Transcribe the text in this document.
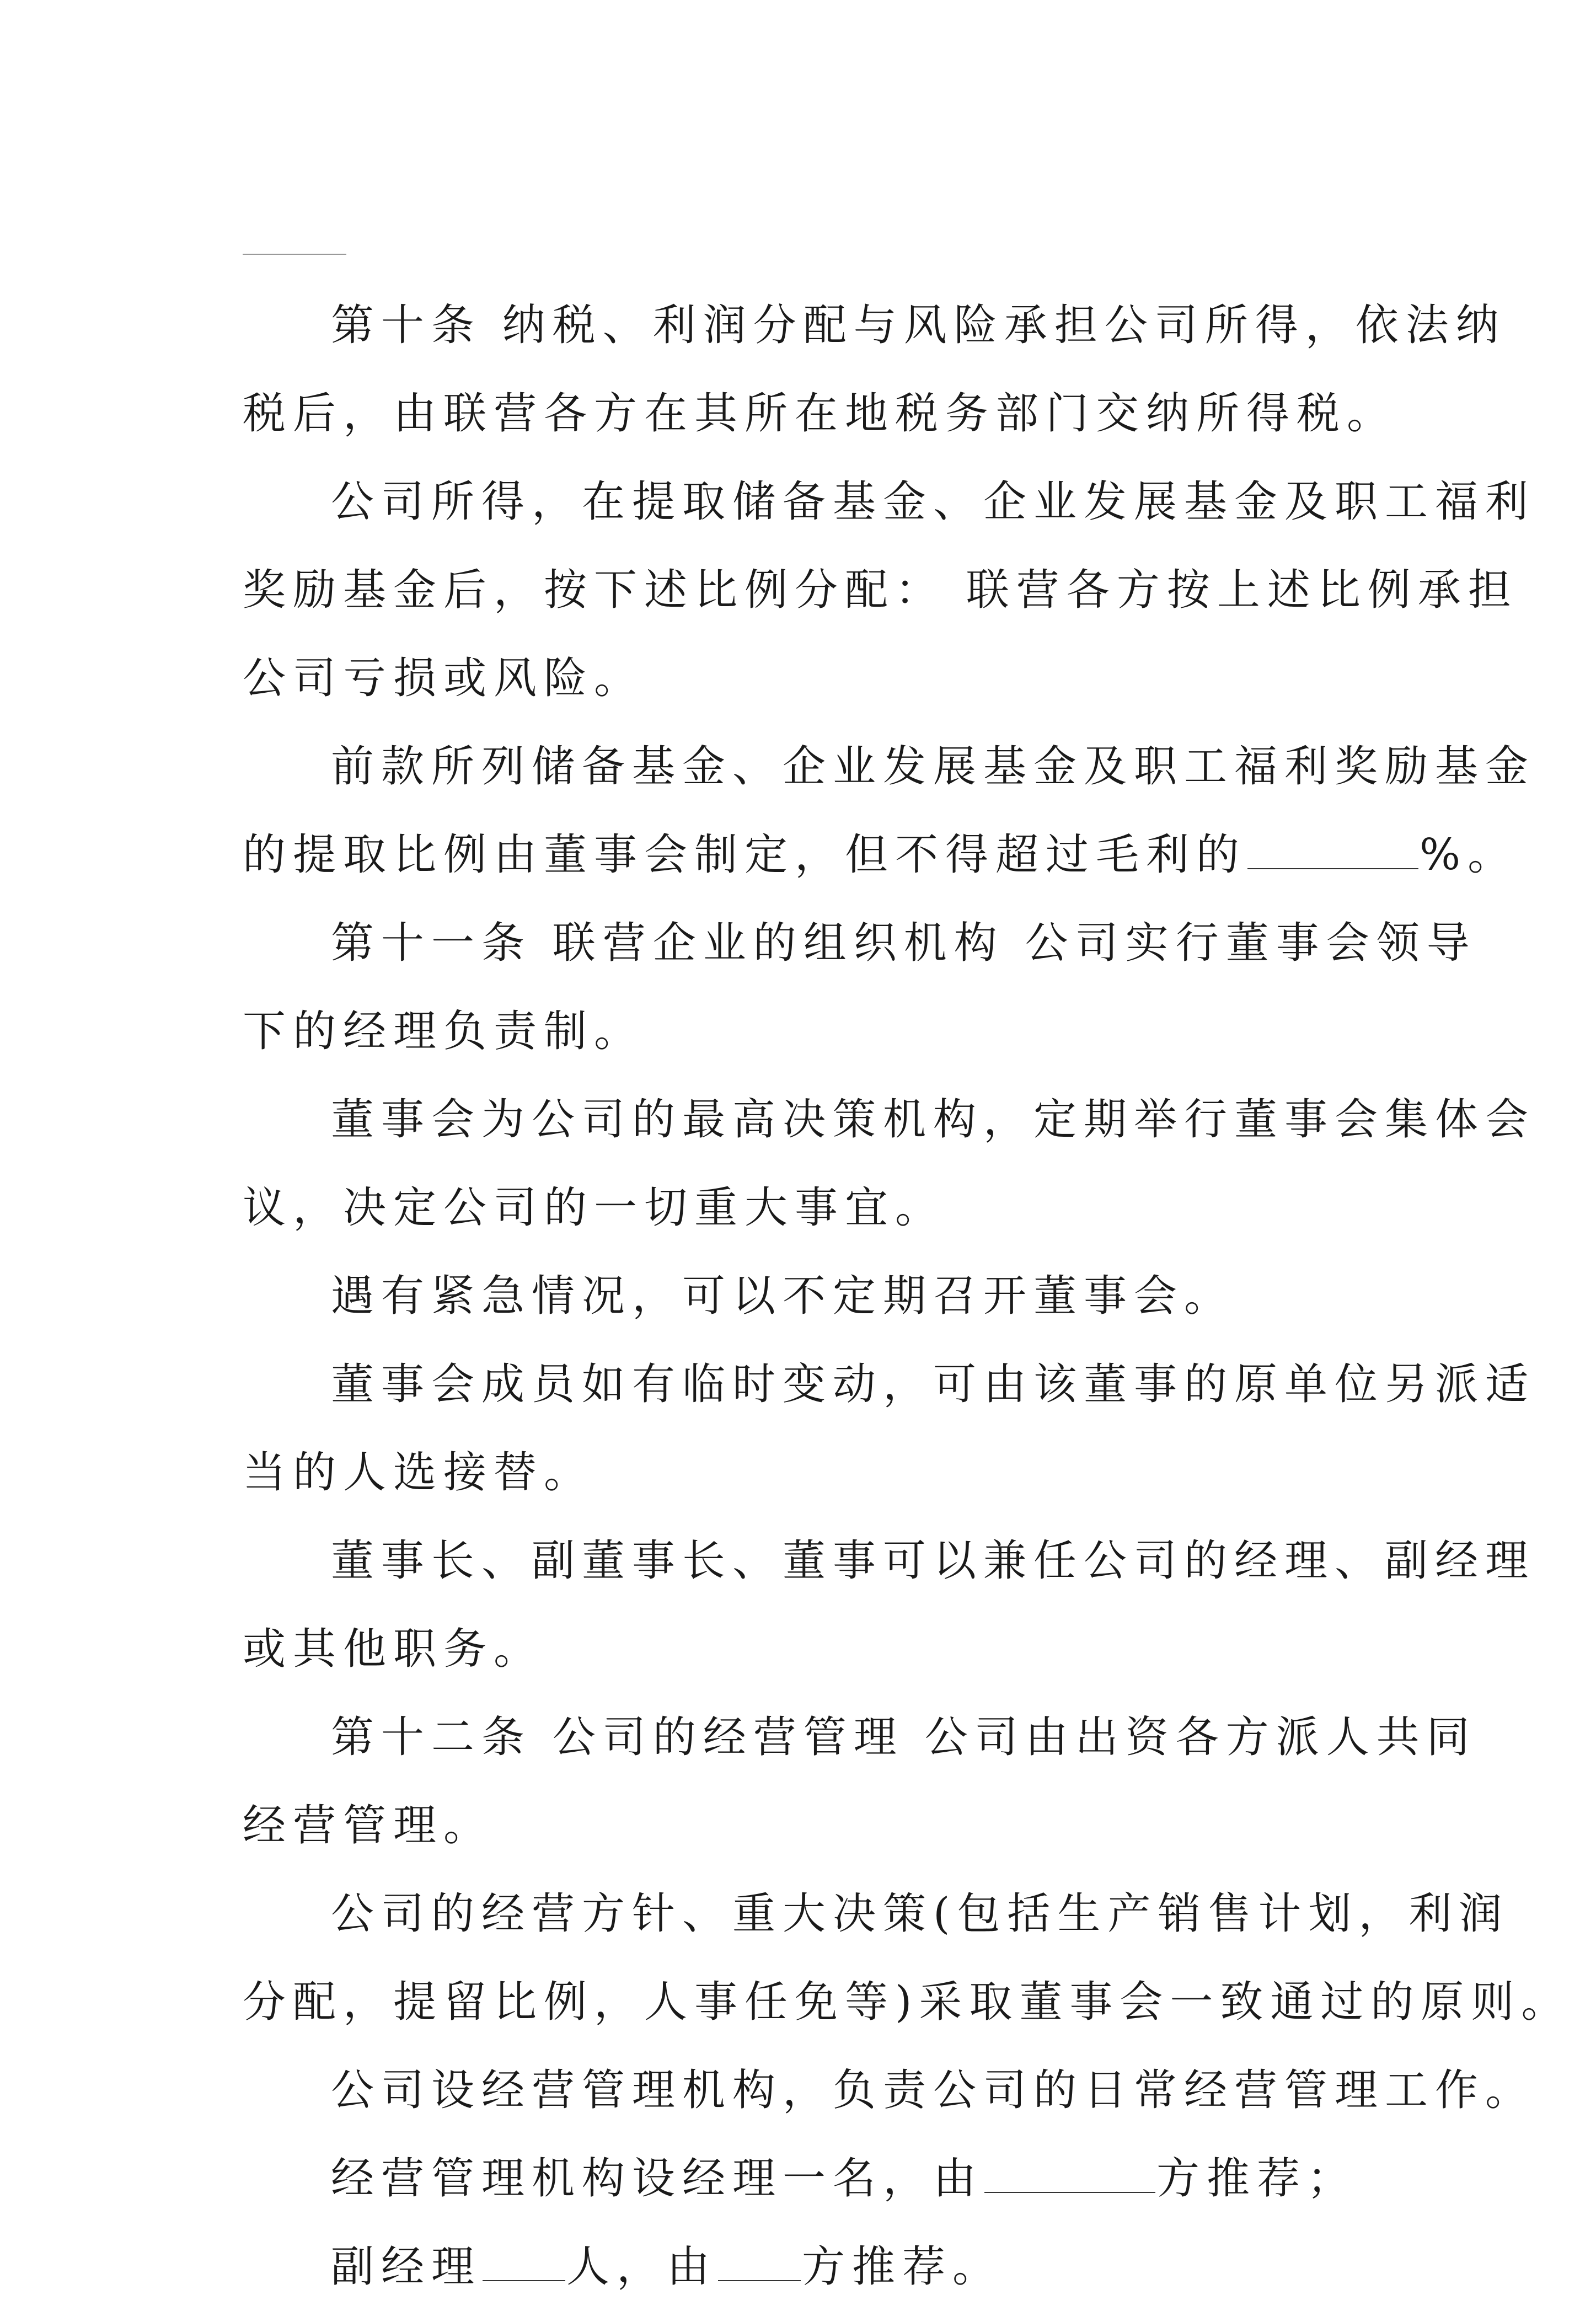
第十条 纳税、利润分配与风险承担公司所得，依法纳
税后，由联营各方在其所在地税务部门交纳所得税。

公司所得，在提取储备基金、企业发展基金及职工福利
奖励基金后，按下述比例分配： 联营各方按上述比例承担
公司亏损或风险。

前款所列储备基金、企业发展基金及职工福利奖励基金
的提取比例由董事会制定，但不得超过毛利的	%。

第十一条 联营企业的组织机构 公司实行董事会领导
下的经理负责制。

董事会为公司的最高决策机构，定期举行董事会集体会
议，决定公司的一切重大事宜。

遇有紧急情况，可以不定期召开董事会。

董事会成员如有临时变动，可由该董事的原单位另派适
当的人选接替。

董事长、副董事长、董事可以兼任公司的经理、副经理
或其他职务。

第十二条 公司的经营管理 公司由出资各方派人共同
经营管理。

公司的经营方针、重大决策(包括生产销售计划，利润
分配，提留比例，人事任免等)采取董事会一致通过的原则。

公司设经营管理机构，负责公司的日常经营管理工作。

经营管理机构设经理一名，由	方推荐；

副经理 人，由 方推荐。
